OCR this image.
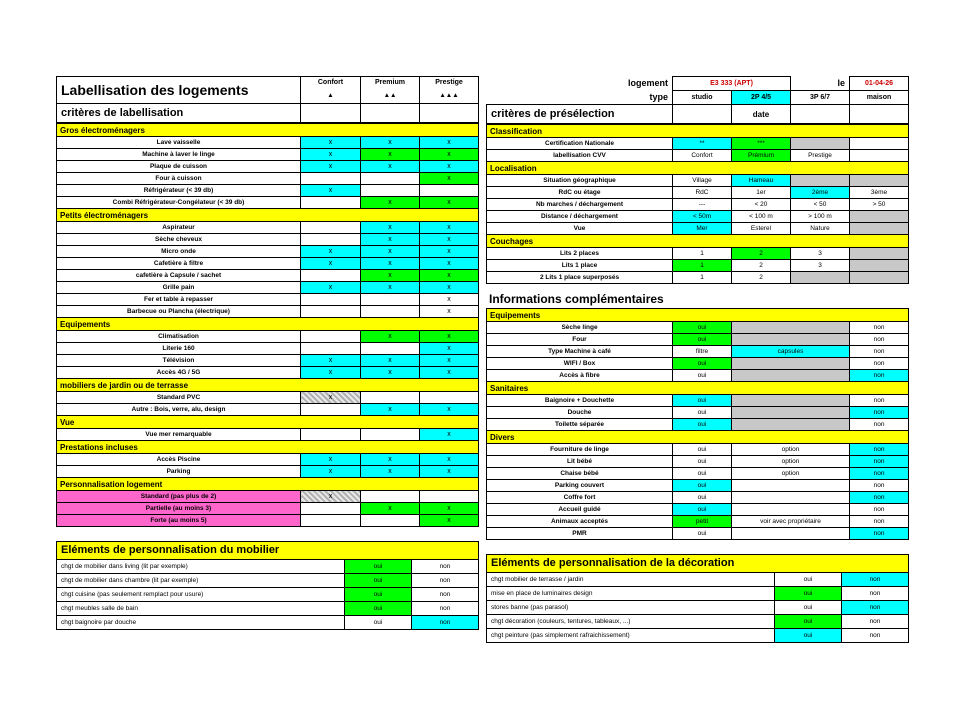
Labellisation des logements	Confort	Premium	Prestige
	▲	▲▲	▲▲▲
critères de labellisation			
Gros électroménagers			
Lave vaisselle	x	x	x
Machine à laver le linge	x	x	x
Plaque de cuisson	x	x	x
Four à cuisson			x
Réfrigérateur (< 39 db)	x		
Combi Réfrigérateur-Congélateur (< 39 db)		x	x
Petits électroménagers			
Aspirateur		x	x
Sèche cheveux		x	x
Micro onde	x	x	x
Cafetière à filtre	x	x	x
cafetière à Capsule / sachet		x	x
Grille pain	x	x	x
Fer et table à repasser			x
Barbecue ou Plancha (électrique)			x
Equipements			
Climatisation		x	x
Literie 160			x
Télévision	x	x	x
Accès 4G / 5G	x	x	x
mobiliers de jardin ou de terrasse			
Standard PVC	x		
Autre : Bois, verre, alu, design		x	x
Vue			
Vue mer remarquable			x
Prestations incluses			
Accès Piscine	x	x	x
Parking	x	x	x
Personnalisation logement			
Standard (pas plus de 2)	x		
Partielle (au moins 3)		x	x
Forte (au moins 5)			x
Eléments de personnalisation du mobilier		
chgt de mobilier dans living (lit par exemple)	oui	non
chgt de mobilier dans chambre (lit par exemple)	oui	non
chgt cuisine (pas seulement remplact pour usure)	oui	non
chgt meubles salle de bain	oui	non
chgt baignoire par douche	oui	non
logement	E3 333 (APT)		le	01-04-26
type	studio	2P 4/5	3P 6/7	maison
critères de présélection		date		
Classification				
Certification Nationale	**	***		
labellisation CVV	Confort	Prémium	Prestige	
Localisation				
Situation géographique	Village	Hameau		
RdC ou étage	RdC	1er	2ème	3ème
Nb marches / déchargement	---	< 20	< 50	> 50
Distance / déchargement	< 50m	< 100 m	> 100 m	
Vue	Mer	Esterel	Nature	
Couchages				
Lits 2 places	1	2	3	
Lits 1 place	1	2	3	
2 Lits 1 place superposés	1	2		
Informations complémentaires
Equipements			
Sèche linge	oui		non
Four	oui		non
Type Machine à café	filtre	capsules	non
WIFI / Box	oui		non
Accès à fibre	oui		non
Sanitaires			
Baignoire + Douchette	oui		non
Douche	oui		non
Toilette séparée	oui		non
Divers			
Fourniture de linge	oui	option	non
Lit bébé	oui	option	non
Chaise bébé	oui	option	non
Parking couvert	oui		non
Coffre fort	oui		non
Accueil guidé	oui		non
Animaux acceptés	petit	voir avec propriétaire	non
PMR	oui		non
Eléments de personnalisation de la décoration		
chgt mobilier de terrasse / jardin	oui	non
mise en place de luminaires design	oui	non
stores banne (pas parasol)	oui	non
chgt décoration (couleurs, tentures, tableaux, ...)	oui	non
chgt peinture (pas simplement rafraichissement)	oui	non
